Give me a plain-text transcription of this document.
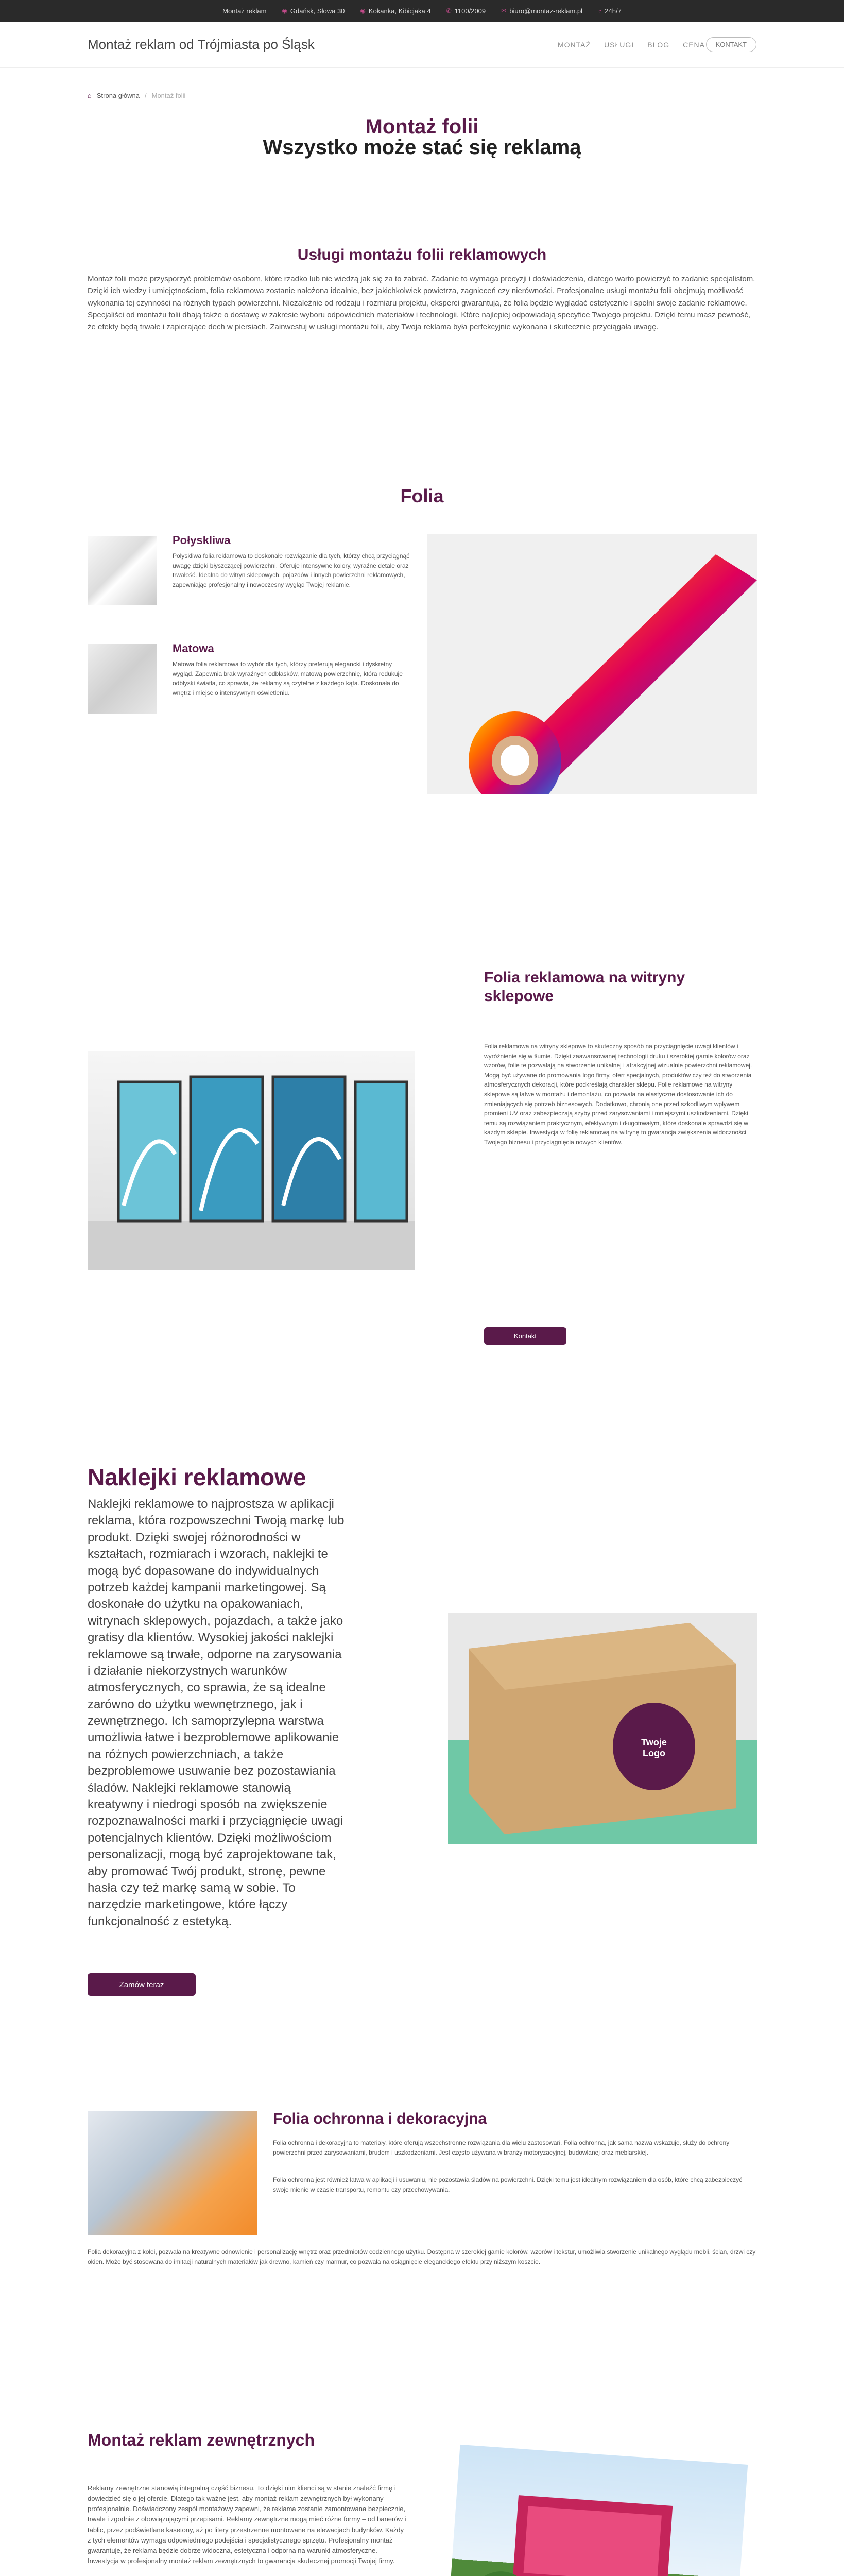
Montaż reklam	◉ Gdańsk, Słowa 30	◉ Kokanka, Kibicjaka 4	✆ 1100/2009	✉ biuro@montaz-reklam.pl	◔ 24h/7
Montaż reklam od Trójmiasta po Śląsk	MONTAŻ USŁUGI BLOG CENA	KONTAKT
⌂ Strona główna / Montaż folii
Montaż folii
Wszystko może stać się reklamą
Usługi montażu folii reklamowych
Montaż folii może przysporzyć problemów osobom, które rzadko lub nie wiedzą jak się za to zabrać. Zadanie to wymaga precyzji i doświadczenia, dlatego warto powierzyć to zadanie specjalistom. Dzięki ich wiedzy i umiejętnościom, folia reklamowa zostanie nałożona idealnie, bez jakichkolwiek powietrza, zagnieceń czy nierówności. Profesjonalne usługi montażu folii obejmują możliwość wykonania tej czynności na różnych typach powierzchni. Niezależnie od rodzaju i rozmiaru projektu, eksperci gwarantują, że folia będzie wyglądać estetycznie i spełni swoje zadanie reklamowe. Specjaliści od montażu folii dbają także o dostawę w zakresie wyboru odpowiednich materiałów i technologii. Które najlepiej odpowiadają specyfice Twojego projektu. Dzięki temu masz pewność, że efekty będą trwałe i zapierające dech w piersiach. Zainwestuj w usługi montażu folii, aby Twoja reklama była perfekcyjnie wykonana i skutecznie przyciągała uwagę.
Folia
Połyskliwa
Połyskliwa folia reklamowa to doskonałe rozwiązanie dla tych, którzy chcą przyciągnąć uwagę dzięki błyszczącej powierzchni. Oferuje intensywne kolory, wyraźne detale oraz trwałość. Idealna do witryn sklepowych, pojazdów i innych powierzchni reklamowych, zapewniając profesjonalny i nowoczesny wygląd Twojej reklamie.
Matowa
Matowa folia reklamowa to wybór dla tych, którzy preferują elegancki i dyskretny wygląd. Zapewnia brak wyraźnych odblasków, matową powierzchnię, która redukuje odbłyski światła, co sprawia, że reklamy są czytelne z każdego kąta. Doskonała do wnętrz i miejsc o intensywnym oświetleniu.
Folia reklamowa na witryny sklepowe
Folia reklamowa na witryny sklepowe to skuteczny sposób na przyciągnięcie uwagi klientów i wyróżnienie się w tłumie. Dzięki zaawansowanej technologii druku i szerokiej gamie kolorów oraz wzorów, folie te pozwalają na stworzenie unikalnej i atrakcyjnej wizualnie powierzchni reklamowej. Mogą być używane do promowania logo firmy, ofert specjalnych, produktów czy też do stworzenia atmosferycznych dekoracji, które podkreślają charakter sklepu. Folie reklamowe na witryny sklepowe są łatwe w montażu i demontażu, co pozwala na elastyczne dostosowanie ich do zmieniających się potrzeb biznesowych. Dodatkowo, chronią one przed szkodliwym wpływem promieni UV oraz zabezpieczają szyby przed zarysowaniami i mniejszymi uszkodzeniami. Dzięki temu są rozwiązaniem praktycznym, efektywnym i długotrwałym, które doskonale sprawdzi się w każdym sklepie. Inwestycja w folię reklamową na witrynę to gwarancja zwiększenia widoczności Twojego biznesu i przyciągnięcia nowych klientów.
Kontakt
Naklejki reklamowe
Naklejki reklamowe to najprostsza w aplikacji reklama, która rozpowszechni Twoją markę lub produkt. Dzięki swojej różnorodności w kształtach, rozmiarach i wzorach, naklejki te mogą być dopasowane do indywidualnych potrzeb każdej kampanii marketingowej. Są doskonałe do użytku na opakowaniach, witrynach sklepowych, pojazdach, a także jako gratisy dla klientów. Wysokiej jakości naklejki reklamowe są trwałe, odporne na zarysowania i działanie niekorzystnych warunków atmosferycznych, co sprawia, że są idealne zarówno do użytku wewnętrznego, jak i zewnętrznego. Ich samoprzylepna warstwa umożliwia łatwe i bezproblemowe aplikowanie na różnych powierzchniach, a także bezproblemowe usuwanie bez pozostawiania śladów. Naklejki reklamowe stanowią kreatywny i niedrogi sposób na zwiększenie rozpoznawalności marki i przyciągnięcie uwagi potencjalnych klientów. Dzięki możliwościom personalizacji, mogą być zaprojektowane tak, aby promować Twój produkt, stronę, pewne hasła czy też markę samą w sobie. To narzędzie marketingowe, które łączy funkcjonalność z estetyką.
Zamów teraz
Twoje Logo
Folia ochronna i dekoracyjna
Folia ochronna i dekoracyjna to materiały, które oferują wszechstronne rozwiązania dla wielu zastosowań. Folia ochronna, jak sama nazwa wskazuje, służy do ochrony powierzchni przed zarysowaniami, brudem i uszkodzeniami. Jest często używana w branży motoryzacyjnej, budowlanej oraz meblarskiej.
Folia ochronna jest również łatwa w aplikacji i usuwaniu, nie pozostawia śladów na powierzchni. Dzięki temu jest idealnym rozwiązaniem dla osób, które chcą zabezpieczyć swoje mienie w czasie transportu, remontu czy przechowywania.
Folia dekoracyjna z kolei, pozwala na kreatywne odnowienie i personalizację wnętrz oraz przedmiotów codziennego użytku. Dostępna w szerokiej gamie kolorów, wzorów i tekstur, umożliwia stworzenie unikalnego wyglądu mebli, ścian, drzwi czy okien. Może być stosowana do imitacji naturalnych materiałów jak drewno, kamień czy marmur, co pozwala na osiągnięcie eleganckiego efektu przy niższym koszcie.
Montaż reklam zewnętrznych
Reklamy zewnętrzne stanowią integralną część biznesu. To dzięki nim klienci są w stanie znaleźć firmę i dowiedzieć się o jej ofercie. Dlatego tak ważne jest, aby montaż reklam zewnętrznych był wykonany profesjonalnie. Doświadczony zespół montażowy zapewni, że reklama zostanie zamontowana bezpiecznie, trwale i zgodnie z obowiązującymi przepisami. Reklamy zewnętrzne mogą mieć różne formy – od banerów i tablic, przez podświetlane kasetony, aż po litery przestrzenne montowane na elewacjach budynków. Każdy z tych elementów wymaga odpowiedniego podejścia i specjalistycznego sprzętu. Profesjonalny montaż gwarantuje, że reklama będzie dobrze widoczna, estetyczna i odporna na warunki atmosferyczne. Inwestycja w profesjonalny montaż reklam zewnętrznych to gwarancja skutecznej promocji Twojej firmy.
